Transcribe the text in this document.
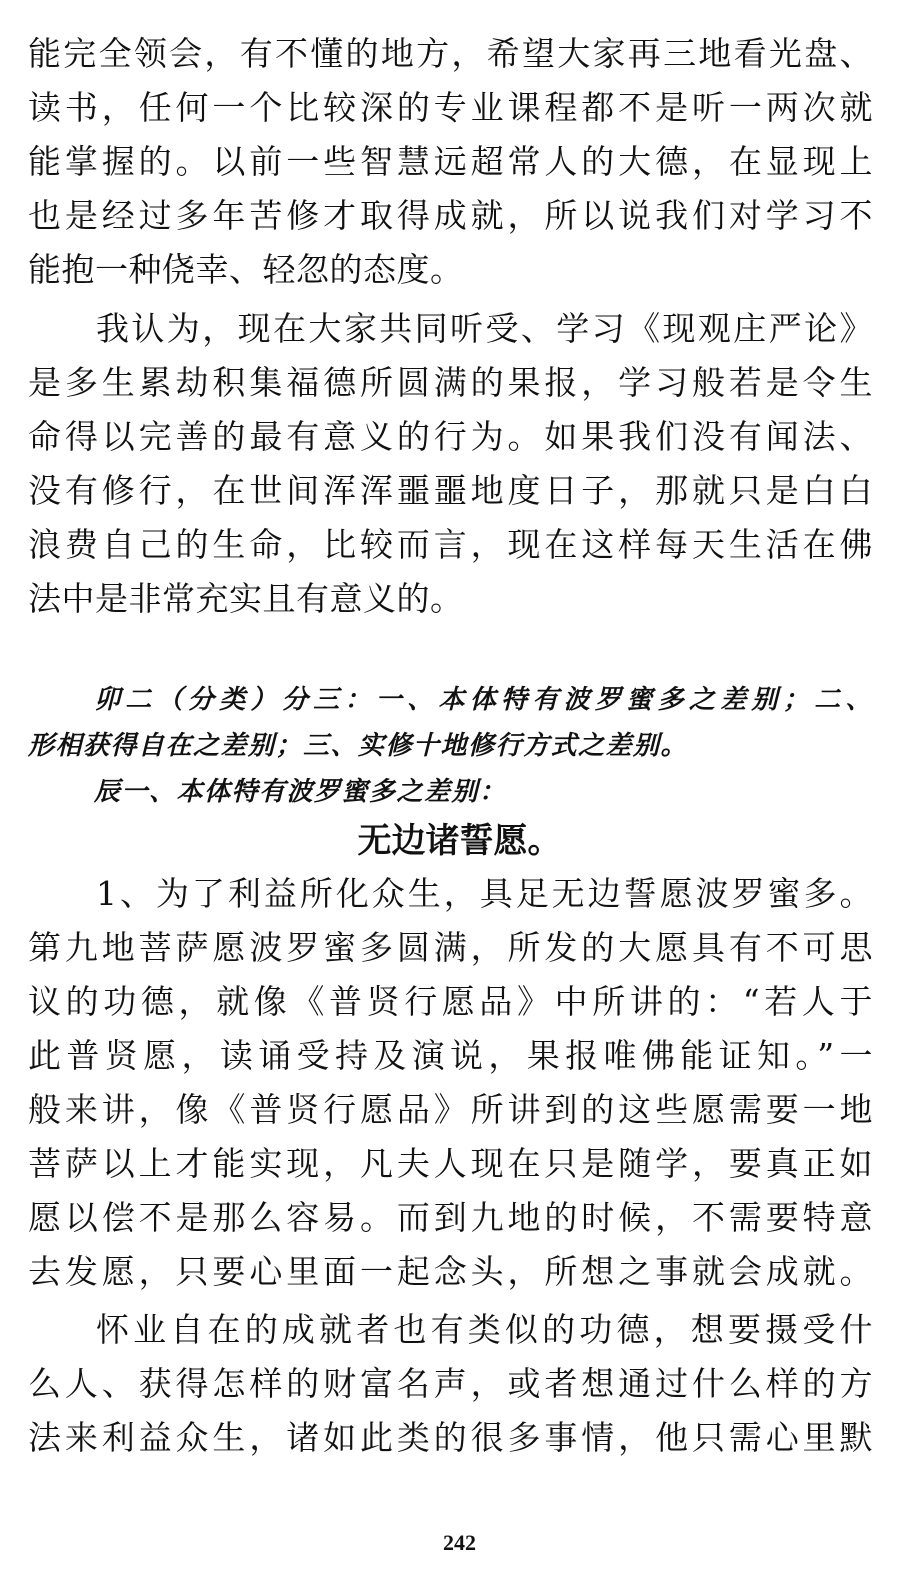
能完全领会，有不懂的地方，希望大家再三地看光盘、
读书，任何一个比较深的专业课程都不是听一两次就
能掌握的。以前一些智慧远超常人的大德，在显现上
也是经过多年苦修才取得成就，所以说我们对学习不
能抱一种侥幸、轻忽的态度。
我认为，现在大家共同听受、学习《现观庄严论》
是多生累劫积集福德所圆满的果报，学习般若是令生
命得以完善的最有意义的行为。如果我们没有闻法、
没有修行，在世间浑浑噩噩地度日子，那就只是白白
浪费自己的生命，比较而言，现在这样每天生活在佛
法中是非常充实且有意义的。
卯二（分类）分三：一、本体特有波罗蜜多之差别；二、
形相获得自在之差别；三、实修十地修行方式之差别。
辰一、本体特有波罗蜜多之差别：
无边诸誓愿。
1、为了利益所化众生，具足无边誓愿波罗蜜多。
第九地菩萨愿波罗蜜多圆满，所发的大愿具有不可思
议的功德，就像《普贤行愿品》中所讲的：“若人于
此普贤愿，读诵受持及演说，果报唯佛能证知。”一
般来讲，像《普贤行愿品》所讲到的这些愿需要一地
菩萨以上才能实现，凡夫人现在只是随学，要真正如
愿以偿不是那么容易。而到九地的时候，不需要特意
去发愿，只要心里面一起念头，所想之事就会成就。
怀业自在的成就者也有类似的功德，想要摄受什
么人、获得怎样的财富名声，或者想通过什么样的方
法来利益众生，诸如此类的很多事情，他只需心里默
242
